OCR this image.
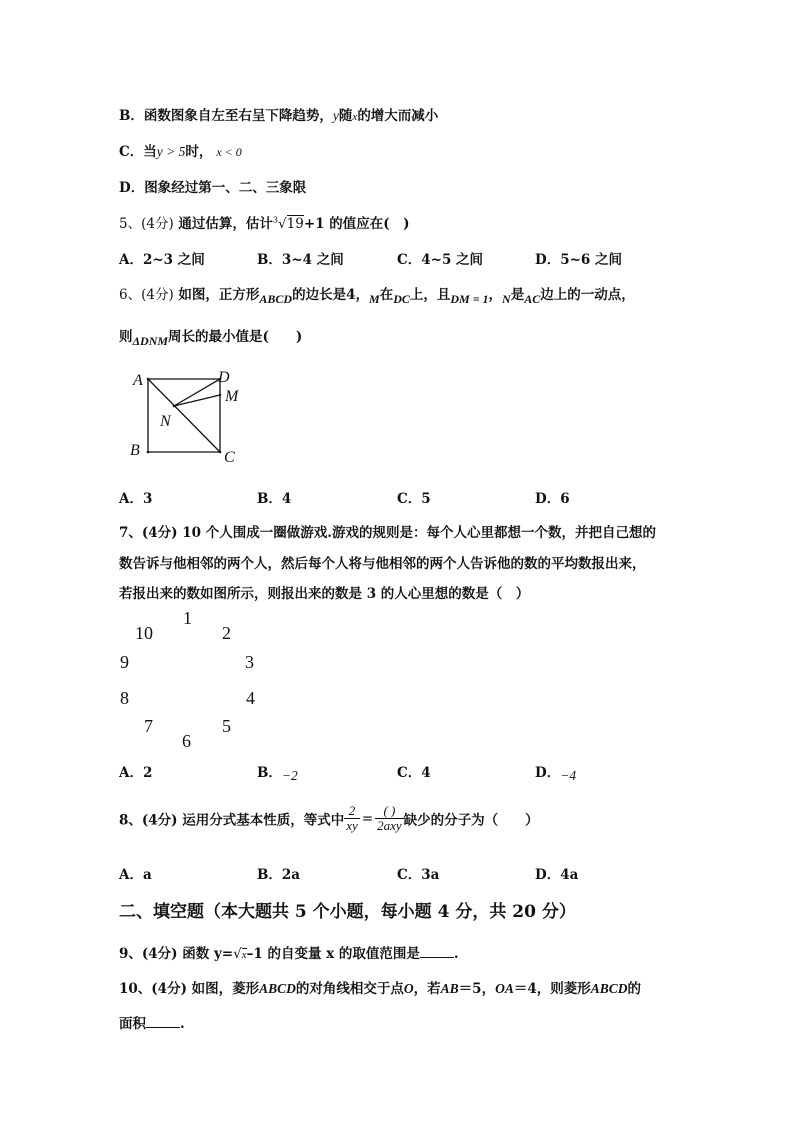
B．函数图象自左至右呈下降趋势，y随x的增大而减小
C．当y > 5时， x < 0
D．图象经过第一、二、三象限
5、(4分) 通过估算，估计$^3$√19+1 的值应在(　)
A．2~3 之间	B．3~4 之间	C．4~5 之间	D．5~6 之间
6、(4分) 如图，正方形ABCD的边长是4，M在DC上，且DM = 1，N是AC边上的一动点，
则ΔDNM周长的最小值是(　　)
A	D
M
N
B	C
A．3	B．4	C．5	D．6
7、(4分) 10 个人围成一圈做游戏.游戏的规则是：每个人心里都想一个数，并把自己想的
数告诉与他相邻的两个人，然后每个人将与他相邻的两个人告诉他的数的平均数报出来，
若报出来的数如图所示，则报出来的数是 3 的人心里想的数是（　）
1
2
3
4
5
6
7
8
9
10
A．2	B．−2	C．4	D．−4
8、(4分) 运用分式基本性质，等式中 $\frac{2}{xy} = \frac{( )}{\text{2axy}}$ 缺少的分子为（　　）
A．a	B．2a	C．3a	D．4a
二、填空题（本大题共 5 个小题，每小题 4 分，共 20 分）
9、(4分) 函数 y=√x–1 的自变量 x 的取值范围是	.
10、(4分) 如图，菱形ABCD的对角线相交于点O，若AB＝5，OA＝4，则菱形ABCD的
面积	.
